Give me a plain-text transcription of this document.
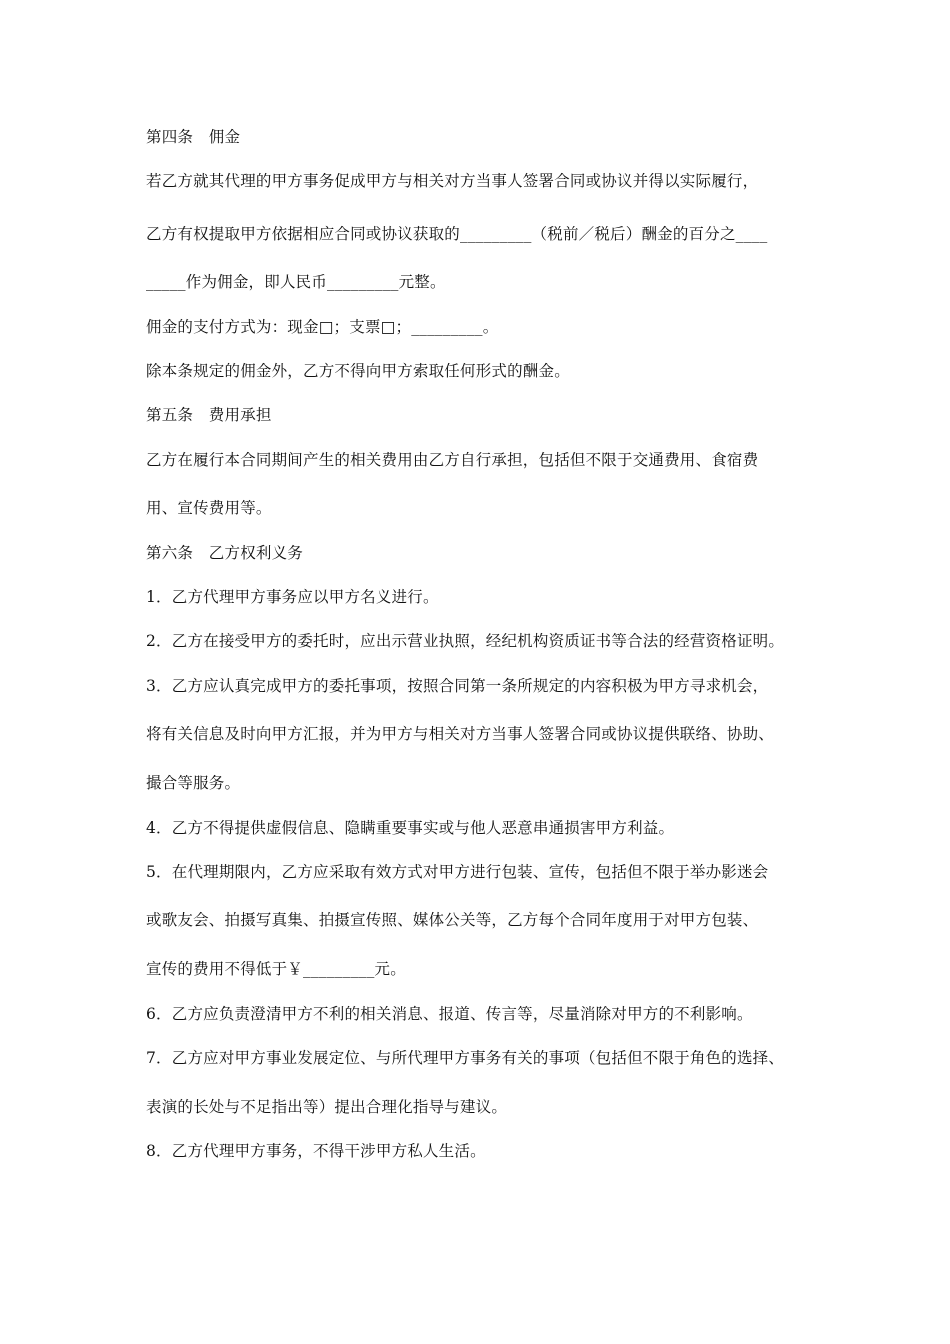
第四条　佣金
若乙方就其代理的甲方事务促成甲方与相关对方当事人签署合同或协议并得以实际履行，
乙方有权提取甲方依据相应合同或协议获取的_________（税前／税后）酬金的百分之____
_____作为佣金，即人民币_________元整。
佣金的支付方式为：现金□；支票□；_________。
除本条规定的佣金外，乙方不得向甲方索取任何形式的酬金。
第五条　费用承担
乙方在履行本合同期间产生的相关费用由乙方自行承担，包括但不限于交通费用、食宿费
用、宣传费用等。
第六条　乙方权利义务
1．乙方代理甲方事务应以甲方名义进行。
2．乙方在接受甲方的委托时，应出示营业执照，经纪机构资质证书等合法的经营资格证明。
3．乙方应认真完成甲方的委托事项，按照合同第一条所规定的内容积极为甲方寻求机会，
将有关信息及时向甲方汇报，并为甲方与相关对方当事人签署合同或协议提供联络、协助、
撮合等服务。
4．乙方不得提供虚假信息、隐瞒重要事实或与他人恶意串通损害甲方利益。
5．在代理期限内，乙方应采取有效方式对甲方进行包装、宣传，包括但不限于举办影迷会
或歌友会、拍摄写真集、拍摄宣传照、媒体公关等，乙方每个合同年度用于对甲方包装、
宣传的费用不得低于￥_________元。
6．乙方应负责澄清甲方不利的相关消息、报道、传言等，尽量消除对甲方的不利影响。
7．乙方应对甲方事业发展定位、与所代理甲方事务有关的事项（包括但不限于角色的选择、
表演的长处与不足指出等）提出合理化指导与建议。
8．乙方代理甲方事务，不得干涉甲方私人生活。
